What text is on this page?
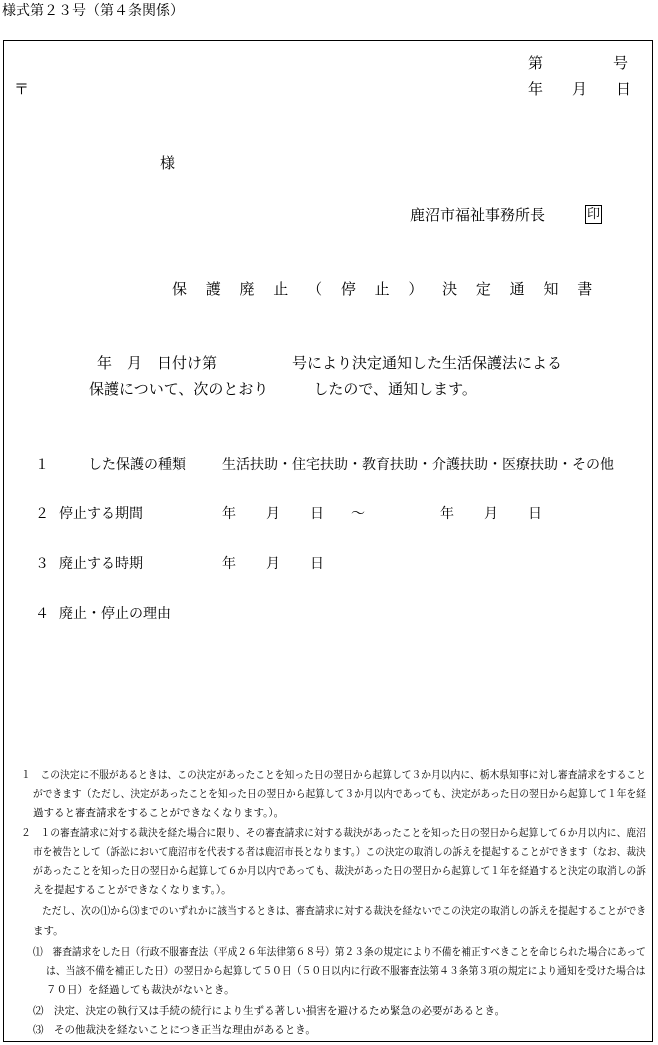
様式第２３号（第４条関係）
第	号
〒	年 月 日
様
鹿沼市福祉事務所長	印
保 護 廃 止 （ 停 止 ） 決 定 通 知 書
年　月　日付け第　　　　　号により決定通知した生活保護法による
保護について、次のとおり　　　したので、通知します。
１	した保護の種類	生活扶助・住宅扶助・教育扶助・介護扶助・医療扶助・その他
２ 停止する期間	年 月 日 〜	年 月 日
３ 廃止する時期	年 月 日
４ 廃止・停止の理由
１　この決定に不服があるときは、この決定があったことを知った日の翌日から起算して３か月以内に、栃木県知事に対し審査請求をすること
ができます（ただし、決定があったことを知った日の翌日から起算して３か月以内であっても、決定があった日の翌日から起算して１年を経
過すると審査請求をすることができなくなります。）。
２　１の審査請求に対する裁決を経た場合に限り、その審査請求に対する裁決があったことを知った日の翌日から起算して６か月以内に、鹿沼
市を被告として（訴訟において鹿沼市を代表する者は鹿沼市長となります。）この決定の取消しの訴えを提起することができます（なお、裁決
があったことを知った日の翌日から起算して６か月以内であっても、裁決があった日の翌日から起算して１年を経過すると決定の取消しの訴
えを提起することができなくなります。）。
ただし、次の⑴から⑶までのいずれかに該当するときは、審査請求に対する裁決を経ないでこの決定の取消しの訴えを提起することができ
ます。
⑴　審査請求をした日（行政不服審査法（平成２６年法律第６８号）第２３条の規定により不備を補正すべきことを命じられた場合にあって
は、当該不備を補正した日）の翌日から起算して５０日（５０日以内に行政不服審査法第４３条第３項の規定により通知を受けた場合は
７０日）を経過しても裁決がないとき。
⑵　決定、決定の執行又は手続の続行により生ずる著しい損害を避けるため緊急の必要があるとき。
⑶　その他裁決を経ないことにつき正当な理由があるとき。
